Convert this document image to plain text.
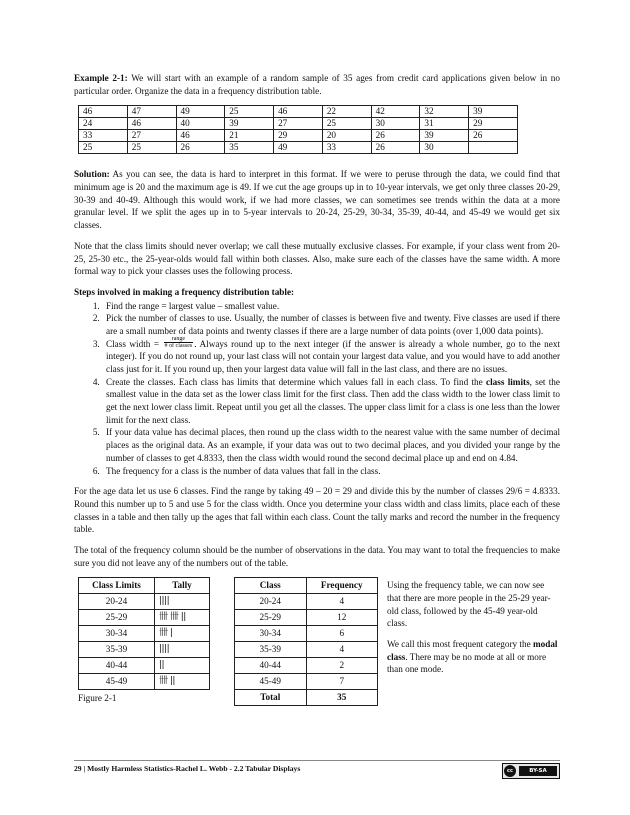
Example 2-1: We will start with an example of a random sample of 35 ages from credit card applications given below in no particular order. Organize the data in a frequency distribution table.

46	47	49	25	46	22	42	32	39
24	46	40	39	27	25	30	31	29
33	27	46	21	29	20	26	39	26
25	25	26	35	49	33	26	30	

Solution: As you can see, the data is hard to interpret in this format. If we were to peruse through the data, we could find that minimum age is 20 and the maximum age is 49. If we cut the age groups up in to 10-year intervals, we get only three classes 20-29, 30-39 and 40-49. Although this would work, if we had more classes, we can sometimes see trends within the data at a more granular level. If we split the ages up in to 5-year intervals to 20-24, 25-29, 30-34, 35-39, 40-44, and 45-49 we would get six classes.

Note that the class limits should never overlap; we call these mutually exclusive classes. For example, if your class went from 20-25, 25-30 etc., the 25-year-olds would fall within both classes. Also, make sure each of the classes have the same width. A more formal way to pick your classes uses the following process.

Steps involved in making a frequency distribution table:
1. Find the range = largest value – smallest value.
2. Pick the number of classes to use. Usually, the number of classes is between five and twenty. Five classes are used if there are a small number of data points and twenty classes if there are a large number of data points (over 1,000 data points).
3. Class width = $\frac{\text{range}}{\text{\# of classes}}$ . Always round up to the next integer (if the answer is already a whole number, go to the next integer). If you do not round up, your last class will not contain your largest data value, and you would have to add another class just for it. If you round up, then your largest data value will fall in the last class, and there are no issues.
4. Create the classes. Each class has limits that determine which values fall in each class. To find the class limits, set the smallest value in the data set as the lower class limit for the first class. Then add the class width to the lower class limit to get the next lower class limit. Repeat until you get all the classes. The upper class limit for a class is one less than the lower limit for the next class.
5. If your data value has decimal places, then round up the class width to the nearest value with the same number of decimal places as the original data. As an example, if your data was out to two decimal places, and you divided your range by the number of classes to get 4.8333, then the class width would round the second decimal place up and end on 4.84.
6. The frequency for a class is the number of data values that fall in the class.

For the age data let us use 6 classes. Find the range by taking 49 – 20 = 29 and divide this by the number of classes 29/6 = 4.8333. Round this number up to 5 and use 5 for the class width. Once you determine your class width and class limits, place each of these classes in a table and then tally up the ages that fall within each class. Count the tally marks and record the number in the frequency table.

The total of the frequency column should be the number of observations in the data. You may want to total the frequencies to make sure you did not leave any of the numbers out of the table.

Class Limits	Tally
20-24	||||
25-29	卌 卌 ||
30-34	卌 |
35-39	||||
40-44	||
45-49	卌 ||
Figure 2-1
Class	Frequency
20-24	4
25-29	12
30-34	6
35-39	4
40-44	2
45-49	7
Total	35

Using the frequency table, we can now see that there are more people in the 25-29 year-old class, followed by the 45-49 year-old class.

We call this most frequent category the modal class. There may be no mode at all or more than one mode.

29 | Mostly Harmless Statistics-Rachel L. Webb - 2.2 Tabular Displays	cc	BY-SA
